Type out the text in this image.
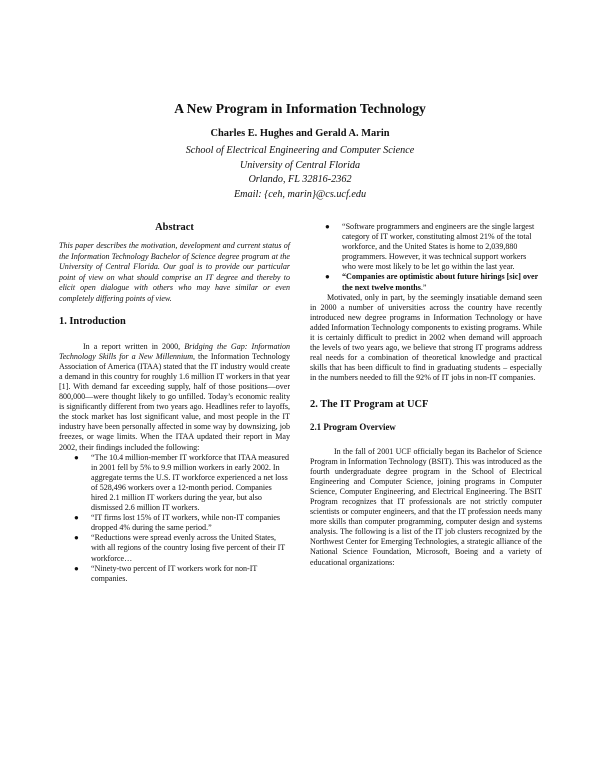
A New Program in Information Technology
Charles E. Hughes and Gerald A. Marin
School of Electrical Engineering and Computer Science
University of Central Florida
Orlando, FL 32816-2362
Email: {ceh, marin}@cs.ucf.edu
Abstract

This paper describes the motivation, development and current status of the Information Technology Bachelor of Science degree program at the University of Central Florida. Our goal is to provide our particular point of view on what should comprise an IT degree and thereby to elicit open dialogue with others who may have similar or even completely differing points of view.

1. Introduction

In a report written in 2000, Bridging the Gap: Information Technology Skills for a New Millennium, the Information Technology Association of America (ITAA) stated that the IT industry would create a demand in this country for roughly 1.6 million IT workers in that year [1]. With demand far exceeding supply, half of those positions—over 800,000—were thought likely to go unfilled. Today’s economic reality is significantly different from two years ago. Headlines refer to layoffs, the stock market has lost significant value, and most people in the IT industry have been personally affected in some way by downsizing, job freezes, or wage limits. When the ITAA updated their report in May 2002, their findings included the following:

● “The 10.4 million-member IT workforce that ITAA measured in 2001 fell by 5% to 9.9 million workers in early 2002. In aggregate terms the U.S. IT workforce experienced a net loss of 528,496 workers over a 12-month period. Companies hired 2.1 million IT workers during the year, but also dismissed 2.6 million IT workers.
● “IT firms lost 15% of IT workers, while non-IT companies dropped 4% during the same period.”
● “Reductions were spread evenly across the United States, with all regions of the country losing five percent of their IT workforce…
● “Ninety-two percent of IT workers work for non-IT companies.
● “Software programmers and engineers are the single largest category of IT worker, constituting almost 21% of the total workforce, and the United States is home to 2,039,880 programmers. However, it was technical support workers who were most likely to be let go within the last year.
● “Companies are optimistic about future hirings [sic] over the next twelve months.”

Motivated, only in part, by the seemingly insatiable demand seen in 2000 a number of universities across the country have recently introduced new degree programs in Information Technology or have added Information Technology components to existing programs. While it is certainly difficult to predict in 2002 when demand will approach the levels of two years ago, we believe that strong IT programs address real needs for a combination of theoretical knowledge and practical skills that has been difficult to find in graduating students – especially in the numbers needed to fill the 92% of IT jobs in non-IT companies.

2. The IT Program at UCF
2.1 Program Overview

In the fall of 2001 UCF officially began its Bachelor of Science Program in Information Technology (BSIT). This was introduced as the fourth undergraduate degree program in the School of Electrical Engineering and Computer Science, joining programs in Computer Science, Computer Engineering, and Electrical Engineering. The BSIT Program recognizes that IT professionals are not strictly computer scientists or computer engineers, and that the IT profession needs many more skills than computer programming, computer design and systems analysis. The following is a list of the IT job clusters recognized by the Northwest Center for Emerging Technologies, a strategic alliance of the National Science Foundation, Microsoft, Boeing and a variety of educational organizations:
